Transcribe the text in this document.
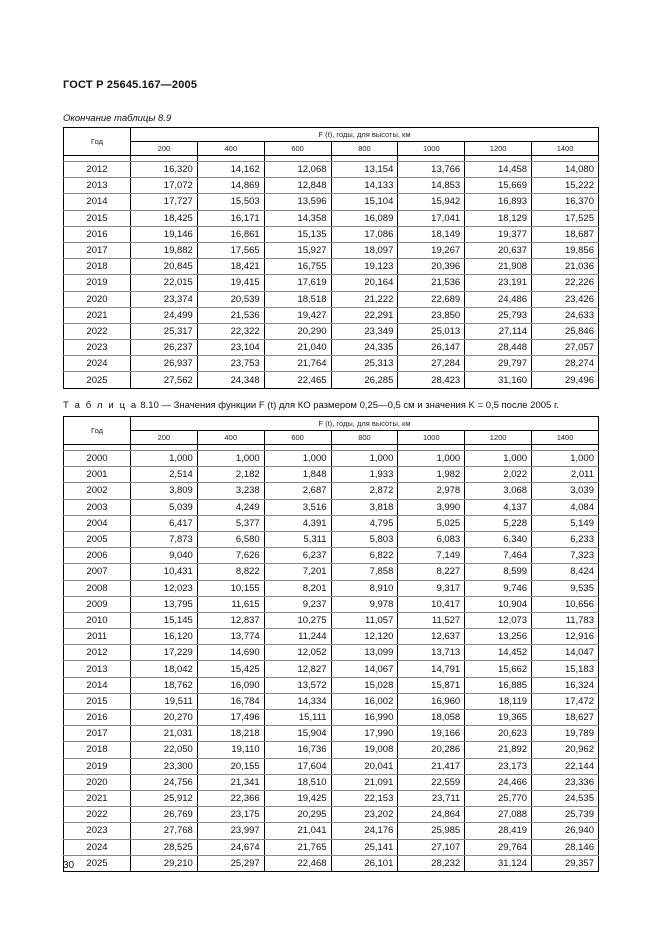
ГОСТ Р 25645.167—2005
Окончание таблицы 8.9
Год	F (t), годы, для высоты, км						
	200	400	600	800	1000	1200	1400

2012	16,320	14,162	12,068	13,154	13,766	14,458	14,080
2013	17,072	14,869	12,848	14,133	14,853	15,669	15,222
2014	17,727	15,503	13,596	15,104	15,942	16,893	16,370
2015	18,425	16,171	14,358	16,089	17,041	18,129	17,525
2016	19,146	16,861	15,135	17,086	18,149	19,377	18,687
2017	19,882	17,565	15,927	18,097	19,267	20,637	19,856
2018	20,845	18,421	16,755	19,123	20,396	21,908	21,036
2019	22,015	19,415	17,619	20,164	21,536	23,191	22,226
2020	23,374	20,539	18,518	21,222	22,689	24,486	23,426
2021	24,499	21,536	19,427	22,291	23,850	25,793	24,633
2022	25,317	22,322	20,290	23,349	25,013	27,114	25,846
2023	26,237	23,104	21,040	24,335	26,147	28,448	27,057
2024	26,937	23,753	21,764	25,313	27,284	29,797	28,274
2025	27,562	24,348	22,465	26,285	28,423	31,160	29,496
Т а б л и ц а 8.10 — Значения функции F (t) для КО размером 0,25—0,5 см и значения K = 0,5 после 2005 г.
Год	F (t), годы, для высоты, км						
	200	400	600	800	1000	1200	1400

2000	1,000	1,000	1,000	1,000	1,000	1,000	1,000
2001	2,514	2,182	1,848	1,933	1,982	2,022	2,011
2002	3,809	3,238	2,687	2,872	2,978	3,068	3,039
2003	5,039	4,249	3,516	3,818	3,990	4,137	4,084
2004	6,417	5,377	4,391	4,795	5,025	5,228	5,149
2005	7,873	6,580	5,311	5,803	6,083	6,340	6,233
2006	9,040	7,626	6,237	6,822	7,149	7,464	7,323
2007	10,431	8,822	7,201	7,858	8,227	8,599	8,424
2008	12,023	10,155	8,201	8,910	9,317	9,746	9,535
2009	13,795	11,615	9,237	9,978	10,417	10,904	10,656
2010	15,145	12,837	10,275	11,057	11,527	12,073	11,783
2011	16,120	13,774	11,244	12,120	12,637	13,256	12,916
2012	17,229	14,690	12,052	13,099	13,713	14,452	14,047
2013	18,042	15,425	12,827	14,067	14,791	15,662	15,183
2014	18,762	16,090	13,572	15,028	15,871	16,885	16,324
2015	19,511	16,784	14,334	16,002	16,960	18,119	17,472
2016	20,270	17,496	15,111	16,990	18,058	19,365	18,627
2017	21,031	18,218	15,904	17,990	19,166	20,623	19,789
2018	22,050	19,110	16,736	19,008	20,286	21,892	20,962
2019	23,300	20,155	17,604	20,041	21,417	23,173	22,144
2020	24,756	21,341	18,510	21,091	22,559	24,466	23,336
2021	25,912	22,366	19,425	22,153	23,711	25,770	24,535
2022	26,769	23,175	20,295	23,202	24,864	27,088	25,739
2023	27,768	23,997	21,041	24,176	25,985	28,419	26,940
2024	28,525	24,674	21,765	25,141	27,107	29,764	28,146
2025	29,210	25,297	22,468	26,101	28,232	31,124	29,357
30
